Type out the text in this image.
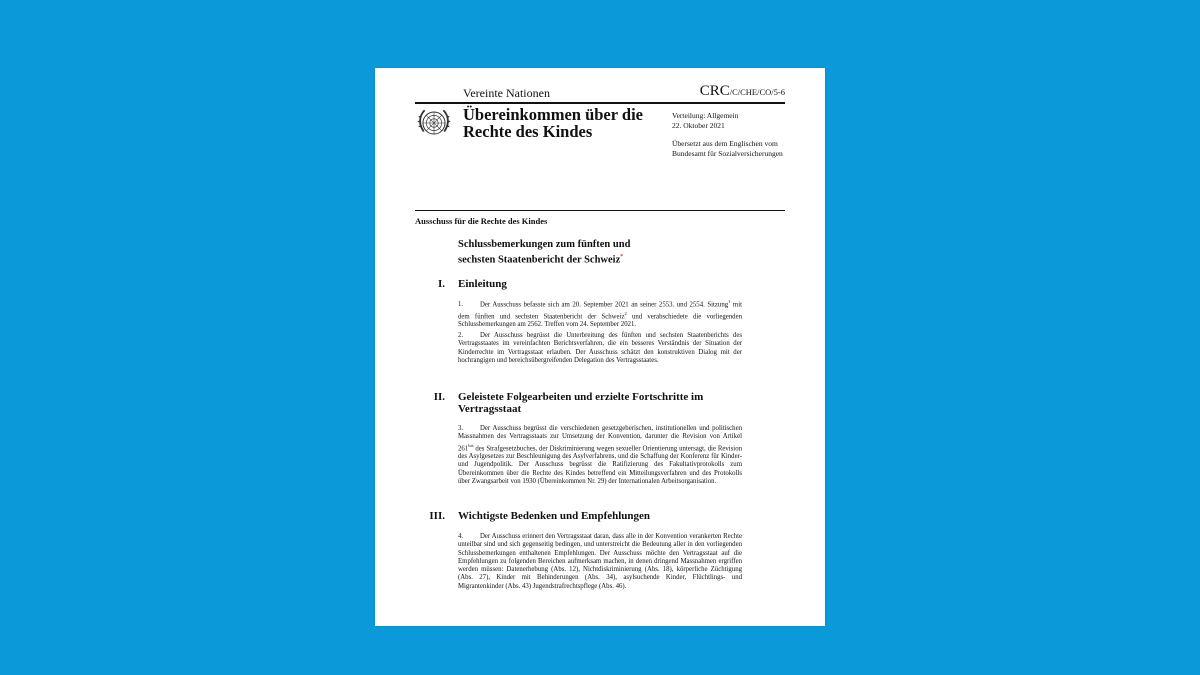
Vereinte Nationen	CRC/C/CHE/CO/5-6
Übereinkommen über die Rechte des Kindes
Verteilung: Allgemein
22. Oktober 2021
Übersetzt aus dem Englischen vom Bundesamt für Sozialversicherungen
Ausschuss für die Rechte des Kindes
Schlussbemerkungen zum fünften und sechsten Staatenbericht der Schweiz*
I. Einleitung
1. Der Ausschuss befasste sich am 20. September 2021 an seiner 2553. und 2554. Sitzung$^1$ mit dem fünften und sechsten Staatenbericht der Schweiz$^2$ und verabschiedete die vorliegenden Schlussbemerkungen am 2562. Treffen vom 24. September 2021.
2. Der Ausschuss begrüsst die Unterbreitung des fünften und sechsten Staatenberichts des Vertragsstaates im vereinfachten Berichtsverfahren, die ein besseres Verständnis der Situation der Kinderrechte im Vertragsstaat erlauben. Der Ausschuss schätzt den konstruktiven Dialog mit der hochrangigen und bereichsübergreifenden Delegation des Vertragsstaates.
II. Geleistete Folgearbeiten und erzielte Fortschritte im Vertragsstaat
3. Der Ausschuss begrüsst die verschiedenen gesetzgeberischen, institutionellen und politischen Massnahmen des Vertragsstaats zur Umsetzung der Konvention, darunter die Revision von Artikel 261$^{bis}$ des Strafgesetzbuches, der Diskriminierung wegen sexueller Orientierung untersagt, die Revision des Asylgesetzes zur Beschleunigung des Asylverfahrens, und die Schaffung der Konferenz für Kinder- und Jugendpolitik. Der Ausschuss begrüsst die Ratifizierung des Fakultativprotokolls zum Übereinkommen über die Rechte des Kindes betreffend ein Mitteilungsverfahren und des Protokolls über Zwangsarbeit von 1930 (Übereinkommen Nr. 29) der Internationalen Arbeitsorganisation.
III. Wichtigste Bedenken und Empfehlungen
4. Der Ausschuss erinnert den Vertragsstaat daran, dass alle in der Konvention verankerten Rechte unteilbar sind und sich gegenseitig bedingen, und unterstreicht die Bedeutung aller in den vorliegenden Schlussbemerkungen enthaltenen Empfehlungen. Der Ausschuss möchte den Vertragsstaat auf die Empfehlungen zu folgenden Bereichen aufmerksam machen, in denen dringend Massnahmen ergriffen werden müssen: Datenerhebung (Abs. 12), Nichtdiskriminierung (Abs. 18), körperliche Züchtigung (Abs. 27), Kinder mit Behinderungen (Abs. 34), asylsuchende Kinder, Flüchtlings- und Migrantenkinder (Abs. 43) Jugendstrafrechtspflege (Abs. 46).
